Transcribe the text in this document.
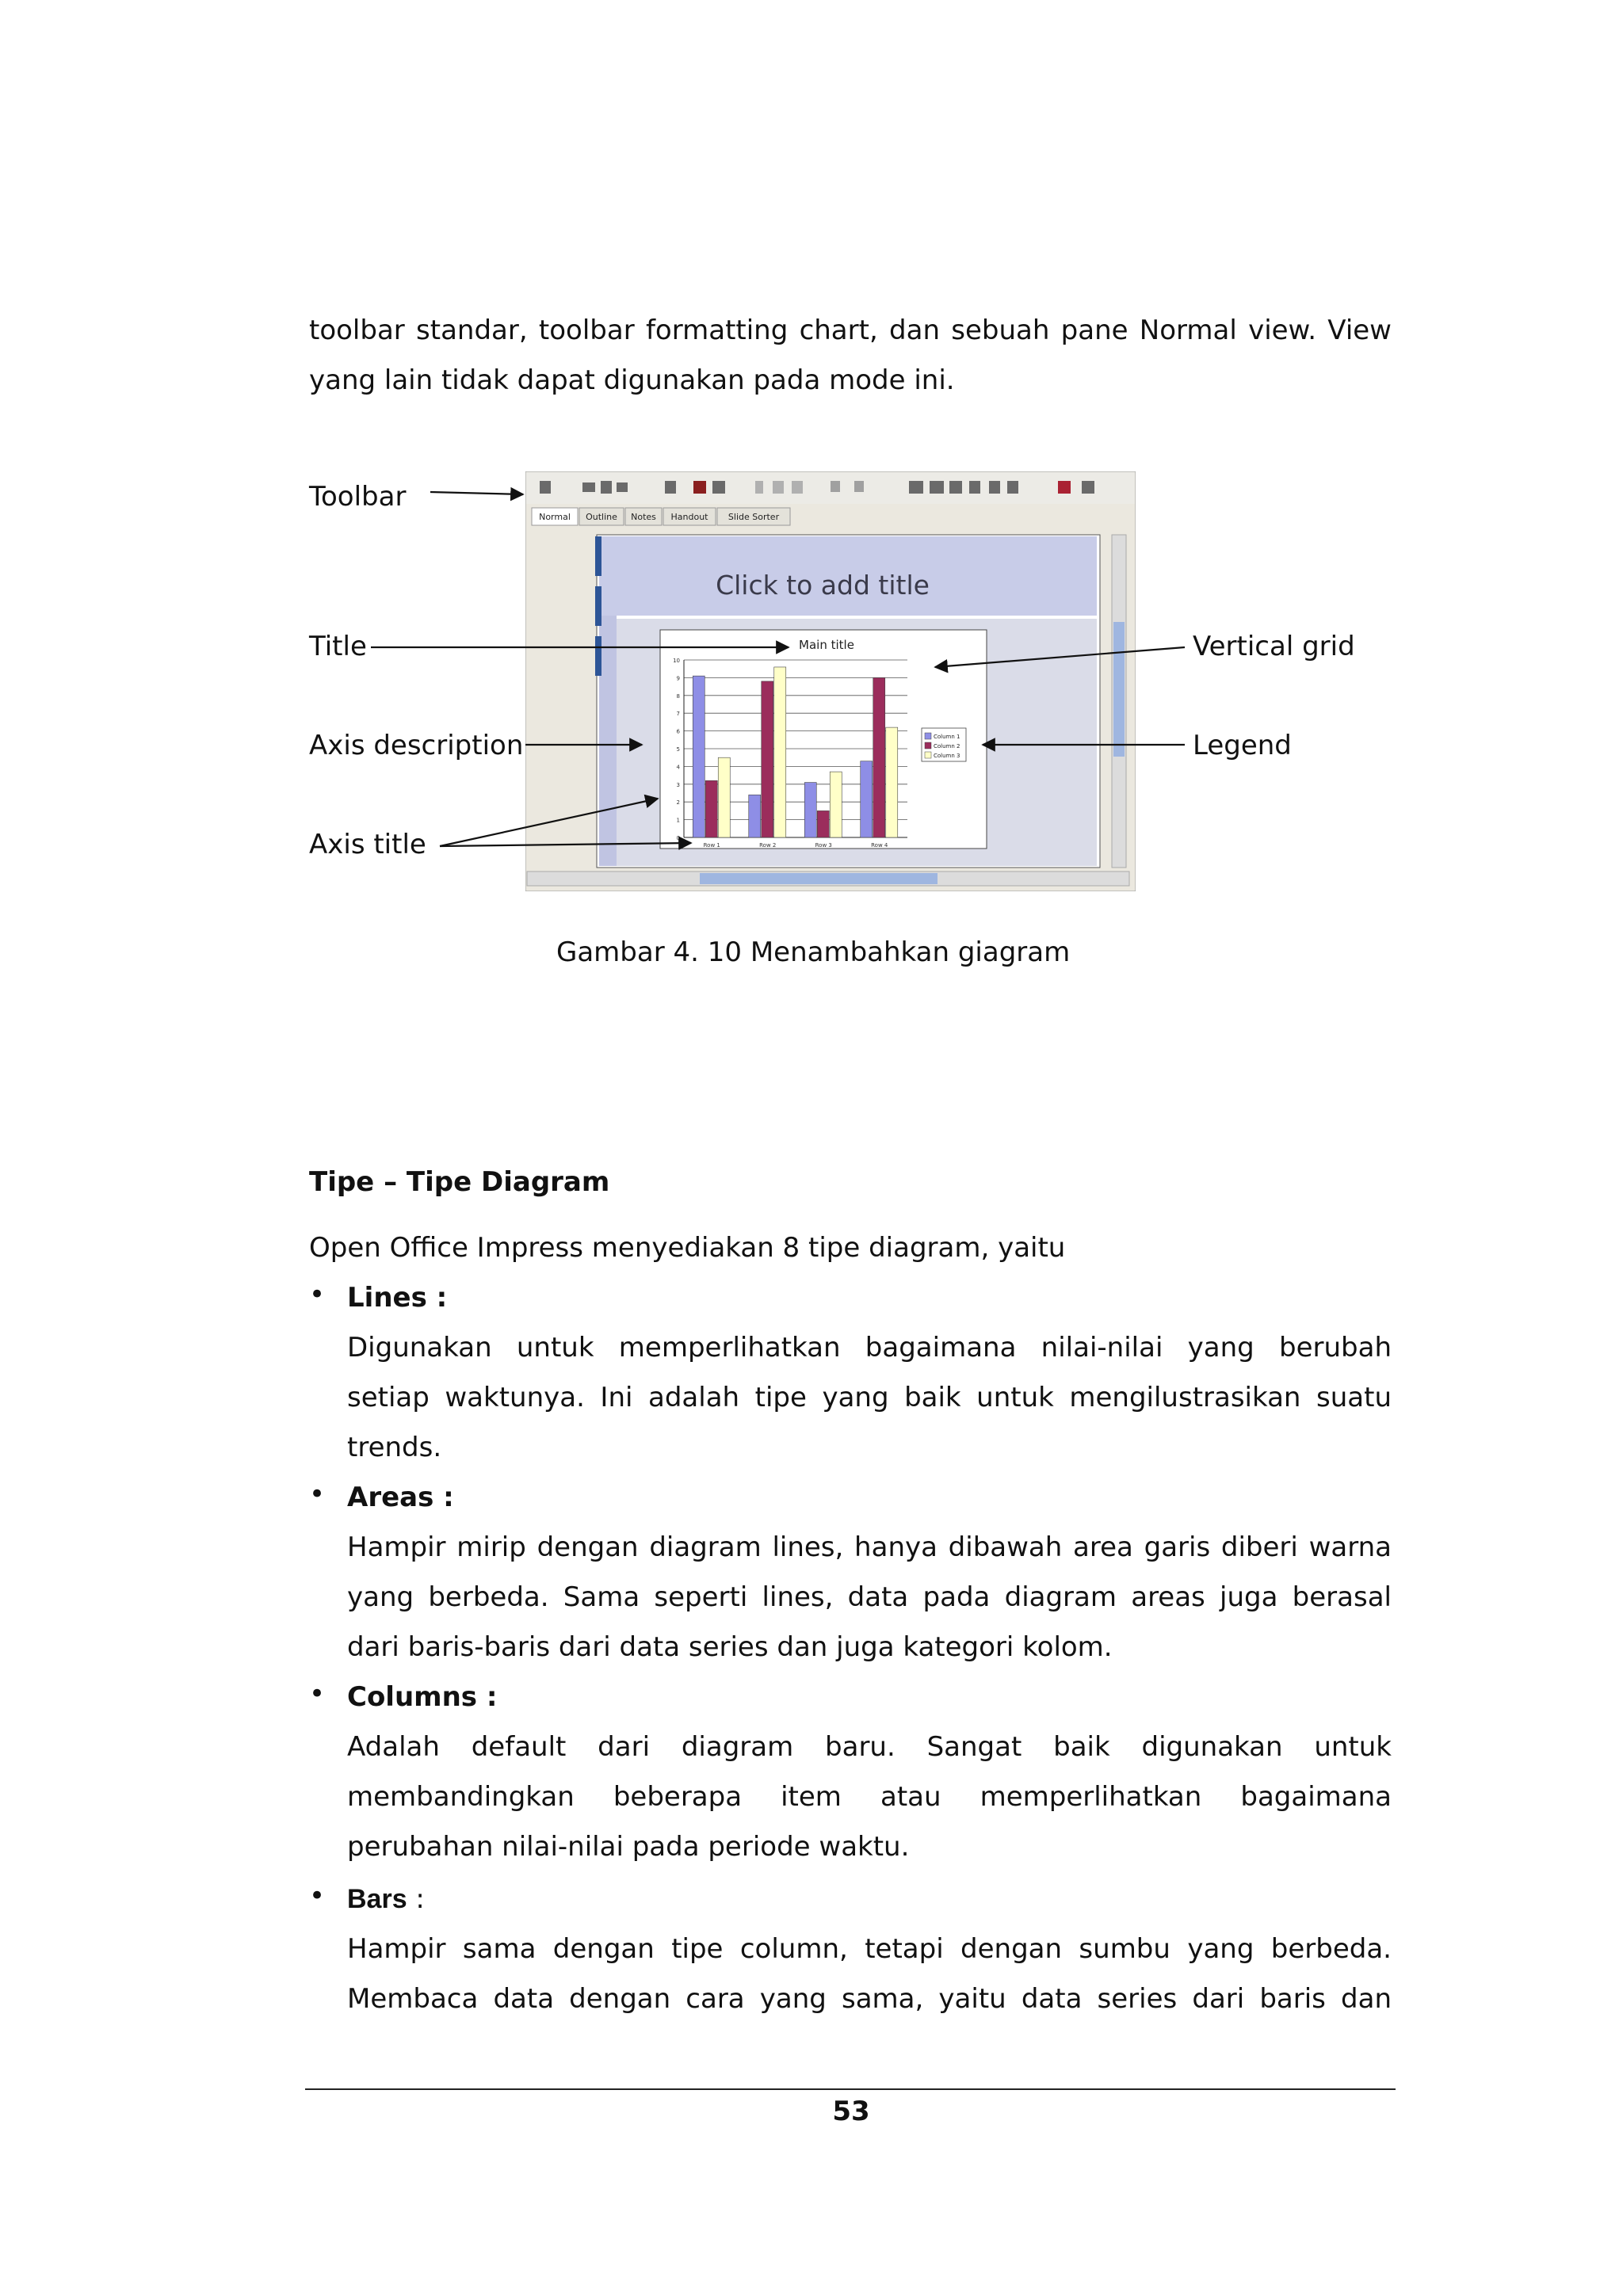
toolbar standar, toolbar formatting chart, dan sebuah pane Normal view. View

yang lain tidak dapat digunakan pada mode ini.

Toolbar
Title
Axis description
Axis title
Vertical grid
Legend
Normal Outline Notes Handout Slide Sorter
Click to add title
Main title
0
1
2
3
4
5
6
7
8
9
10
Row 1	Row 2	Row 3	Row 4
Column 1
Column 2
Column 3
Gambar 4. 10 Menambahkan giagram
Tipe – Tipe Diagram

Open Office Impress menyediakan 8 tipe diagram, yaitu

• Lines :

Digunakan untuk memperlihatkan bagaimana nilai-nilai yang berubah

setiap waktunya. Ini adalah tipe yang baik untuk mengilustrasikan suatu

trends.

• Areas :

Hampir mirip dengan diagram lines, hanya dibawah area garis diberi warna

yang berbeda. Sama seperti lines, data pada diagram areas juga berasal

dari baris-baris dari data series dan juga kategori kolom.

• Columns :

Adalah default dari diagram baru. Sangat baik digunakan untuk

membandingkan beberapa item atau memperlihatkan bagaimana

perubahan nilai-nilai pada periode waktu.

• Bars :

Hampir sama dengan tipe column, tetapi dengan sumbu yang berbeda.

Membaca data dengan cara yang sama, yaitu data series dari baris dan

53
